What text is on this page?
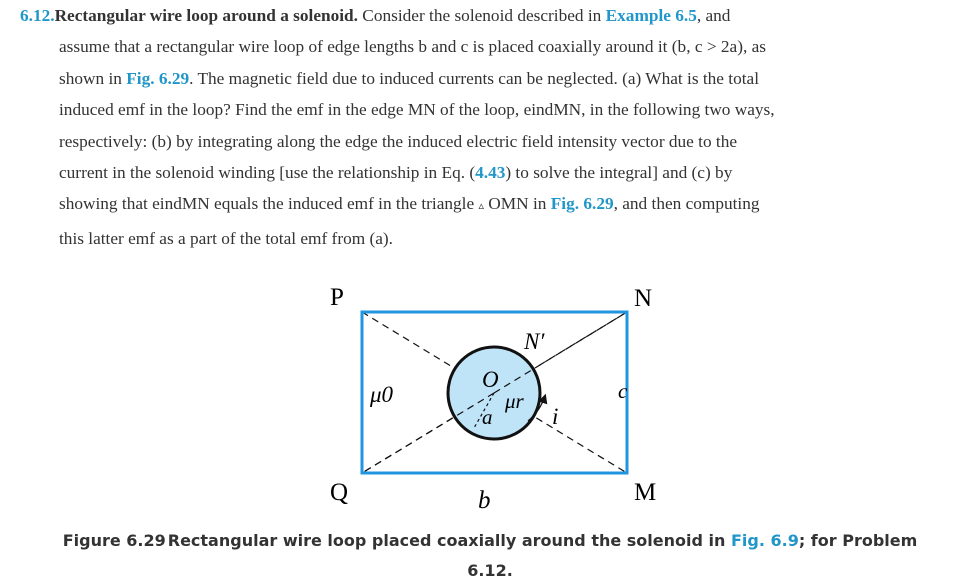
6.12.Rectangular wire loop around a solenoid. Consider the solenoid described in Example 6.5, and
assume that a rectangular wire loop of edge lengths b and c is placed coaxially around it (b, c > 2a), as
shown in Fig. 6.29. The magnetic field due to induced currents can be neglected. (a) What is the total
induced emf in the loop? Find the emf in the edge MN of the loop, eindMN, in the following two ways,
respectively: (b) by integrating along the edge the induced electric field intensity vector due to the
current in the solenoid winding [use the relationship in Eq. (4.43) to solve the integral] and (c) by
showing that eindMN equals the induced emf in the triangle ▵ OMN in Fig. 6.29, and then computing
this latter emf as a part of the total emf from (a).
P	N
Q	M
N′
O
μ0	μr
a	i
c
b
Figure 6.29 Rectangular wire loop placed coaxially around the solenoid in Fig. 6.9; for Problem
6.12.
